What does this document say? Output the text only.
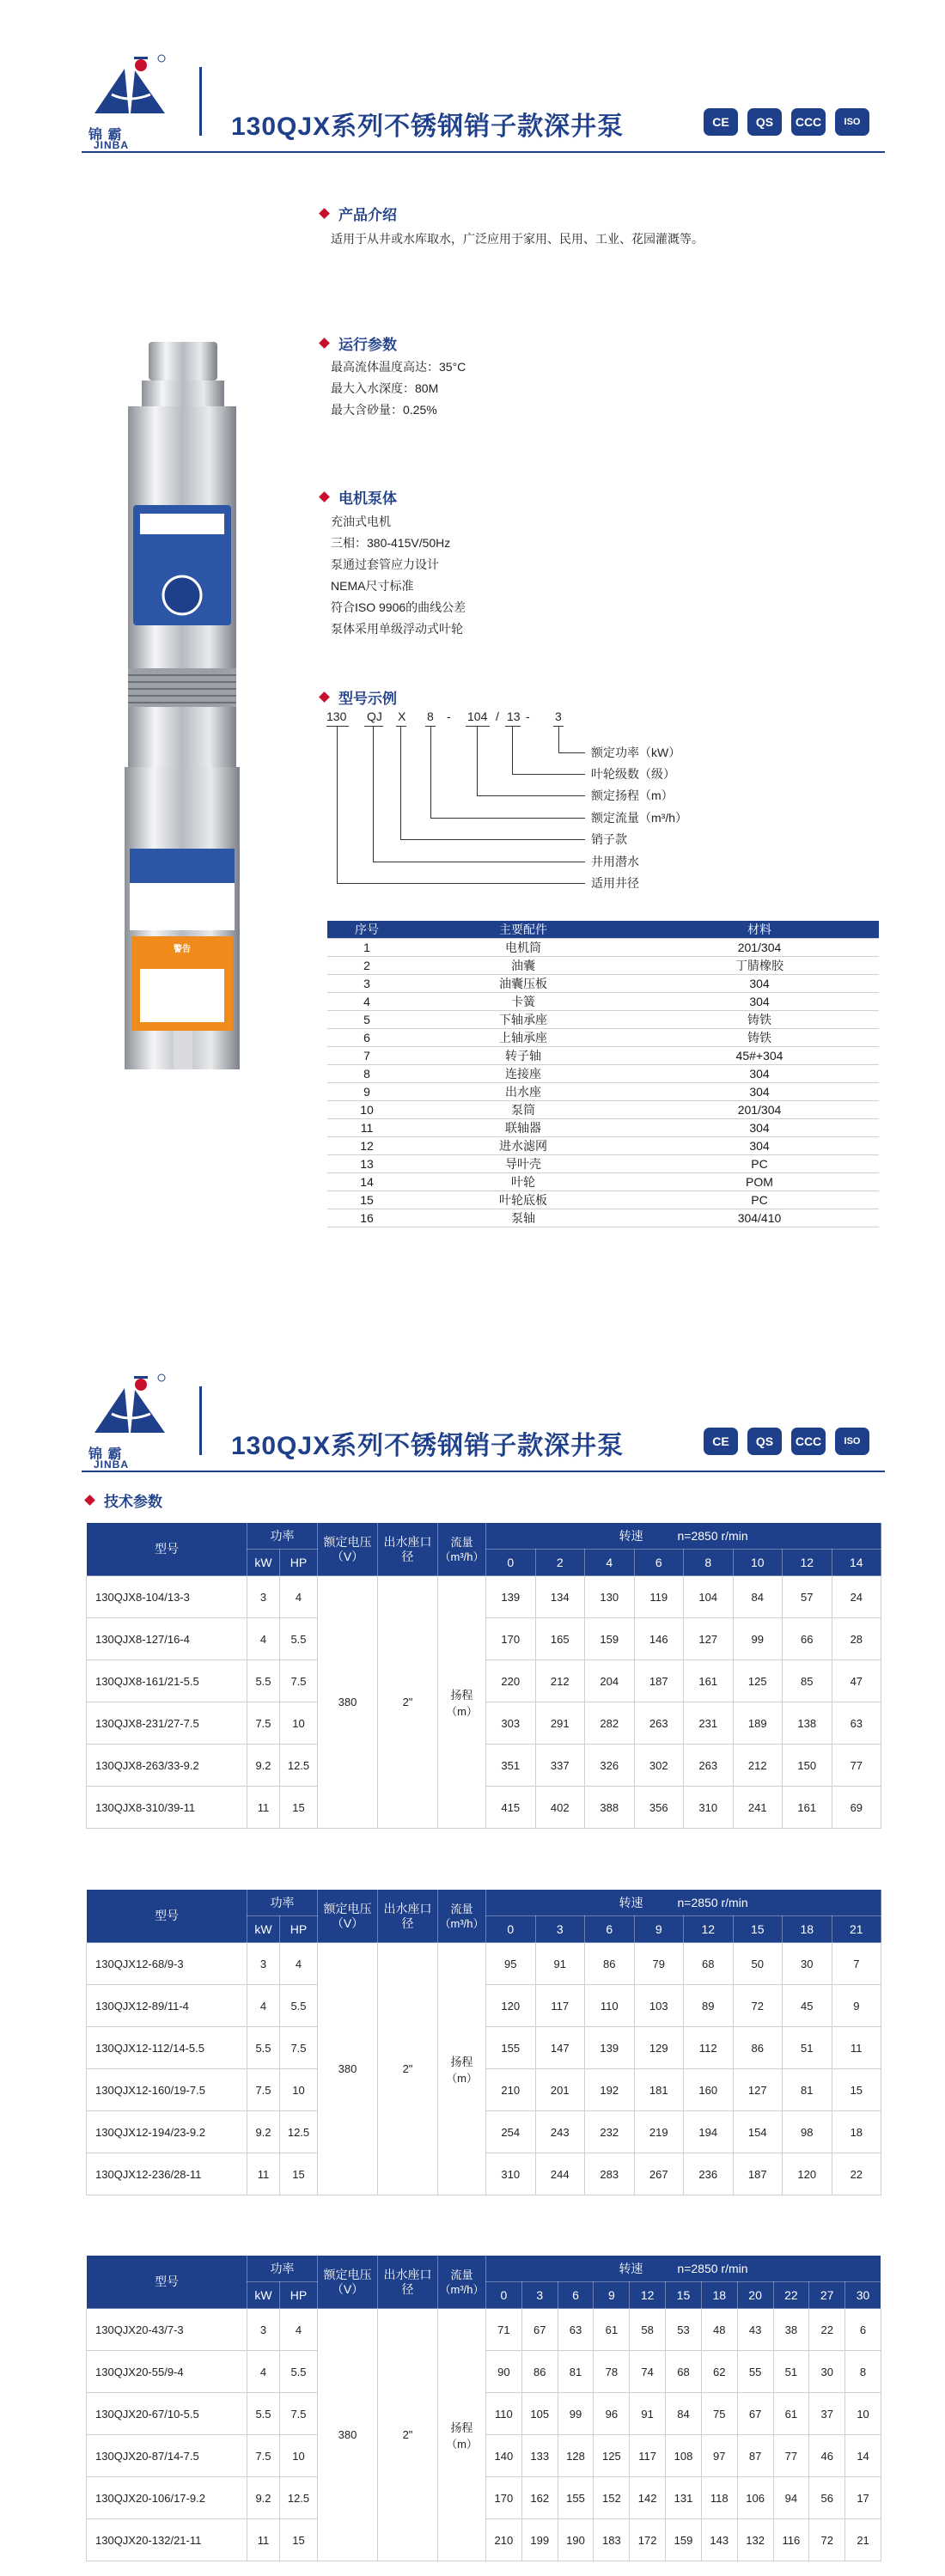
锦 霸
JINBA
130QJX系列不锈钢销子款深井泵	CE	QS	CCC	ISO
JINBA
警告
产品介绍
适用于从井或水库取水，广泛应用于家用、民用、工业、花园灌溉等。
运行参数
最高流体温度高达：35°C
最大入水深度：80M
最大含砂量：0.25%
电机泵体
充油式电机
三相：380-415V/50Hz
泵通过套管应力设计
NEMA尺寸标准
符合ISO 9906的曲线公差
泵体采用单级浮动式叶轮
型号示例
130 QJ X 8 - 104 / 13 - 3
额定功率（kW）
叶轮级数（级）
额定扬程（m）
额定流量（m³/h）
销子款
井用潜水
适用井径
序号	主要配件	材料
1	电机筒	201/304
2	油囊	丁腈橡胶
3	油囊压板	304
4	卡簧	304
5	下轴承座	铸铁
6	上轴承座	铸铁
7	转子轴	45#+304
8	连接座	304
9	出水座	304
10	泵筒	201/304
11	联轴器	304
12	进水滤网	304
13	导叶壳	PC
14	叶轮	POM
15	叶轮底板	PC
16	泵轴	304/410
锦 霸
JINBA
130QJX系列不锈钢销子款深井泵	CE	QS	CCC	ISO
技术参数
型号	功率		额定电压（V）	出水座口径	流量（m³/h）	转速 n=2850 r/min							
	kW	HP				0	2	4	6	8	10	12	14
130QJX8-104/13-3	3	4	380	2"	扬程（m）	139	134	130	119	104	84	57	24
130QJX8-127/16-4	4	5.5				170	165	159	146	127	99	66	28
130QJX8-161/21-5.5	5.5	7.5				220	212	204	187	161	125	85	47
130QJX8-231/27-7.5	7.5	10				303	291	282	263	231	189	138	63
130QJX8-263/33-9.2	9.2	12.5				351	337	326	302	263	212	150	77
130QJX8-310/39-11	11	15				415	402	388	356	310	241	161	69
型号	功率		额定电压（V）	出水座口径	流量（m³/h）	转速 n=2850 r/min							
	kW	HP				0	3	6	9	12	15	18	21
130QJX12-68/9-3	3	4	380	2"	扬程（m）	95	91	86	79	68	50	30	7
130QJX12-89/11-4	4	5.5				120	117	110	103	89	72	45	9
130QJX12-112/14-5.5	5.5	7.5				155	147	139	129	112	86	51	11
130QJX12-160/19-7.5	7.5	10				210	201	192	181	160	127	81	15
130QJX12-194/23-9.2	9.2	12.5				254	243	232	219	194	154	98	18
130QJX12-236/28-11	11	15				310	244	283	267	236	187	120	22
型号	功率		额定电压（V）	出水座口径	流量（m³/h）	转速 n=2850 r/min										
	kW	HP				0	3	6	9	12	15	18	20	22	27	30
130QJX20-43/7-3	3	4	380	2"	扬程（m）	71	67	63	61	58	53	48	43	38	22	6
130QJX20-55/9-4	4	5.5				90	86	81	78	74	68	62	55	51	30	8
130QJX20-67/10-5.5	5.5	7.5				110	105	99	96	91	84	75	67	61	37	10
130QJX20-87/14-7.5	7.5	10				140	133	128	125	117	108	97	87	77	46	14
130QJX20-106/17-9.2	9.2	12.5				170	162	155	152	142	131	118	106	94	56	17
130QJX20-132/21-11	11	15				210	199	190	183	172	159	143	132	116	72	21
